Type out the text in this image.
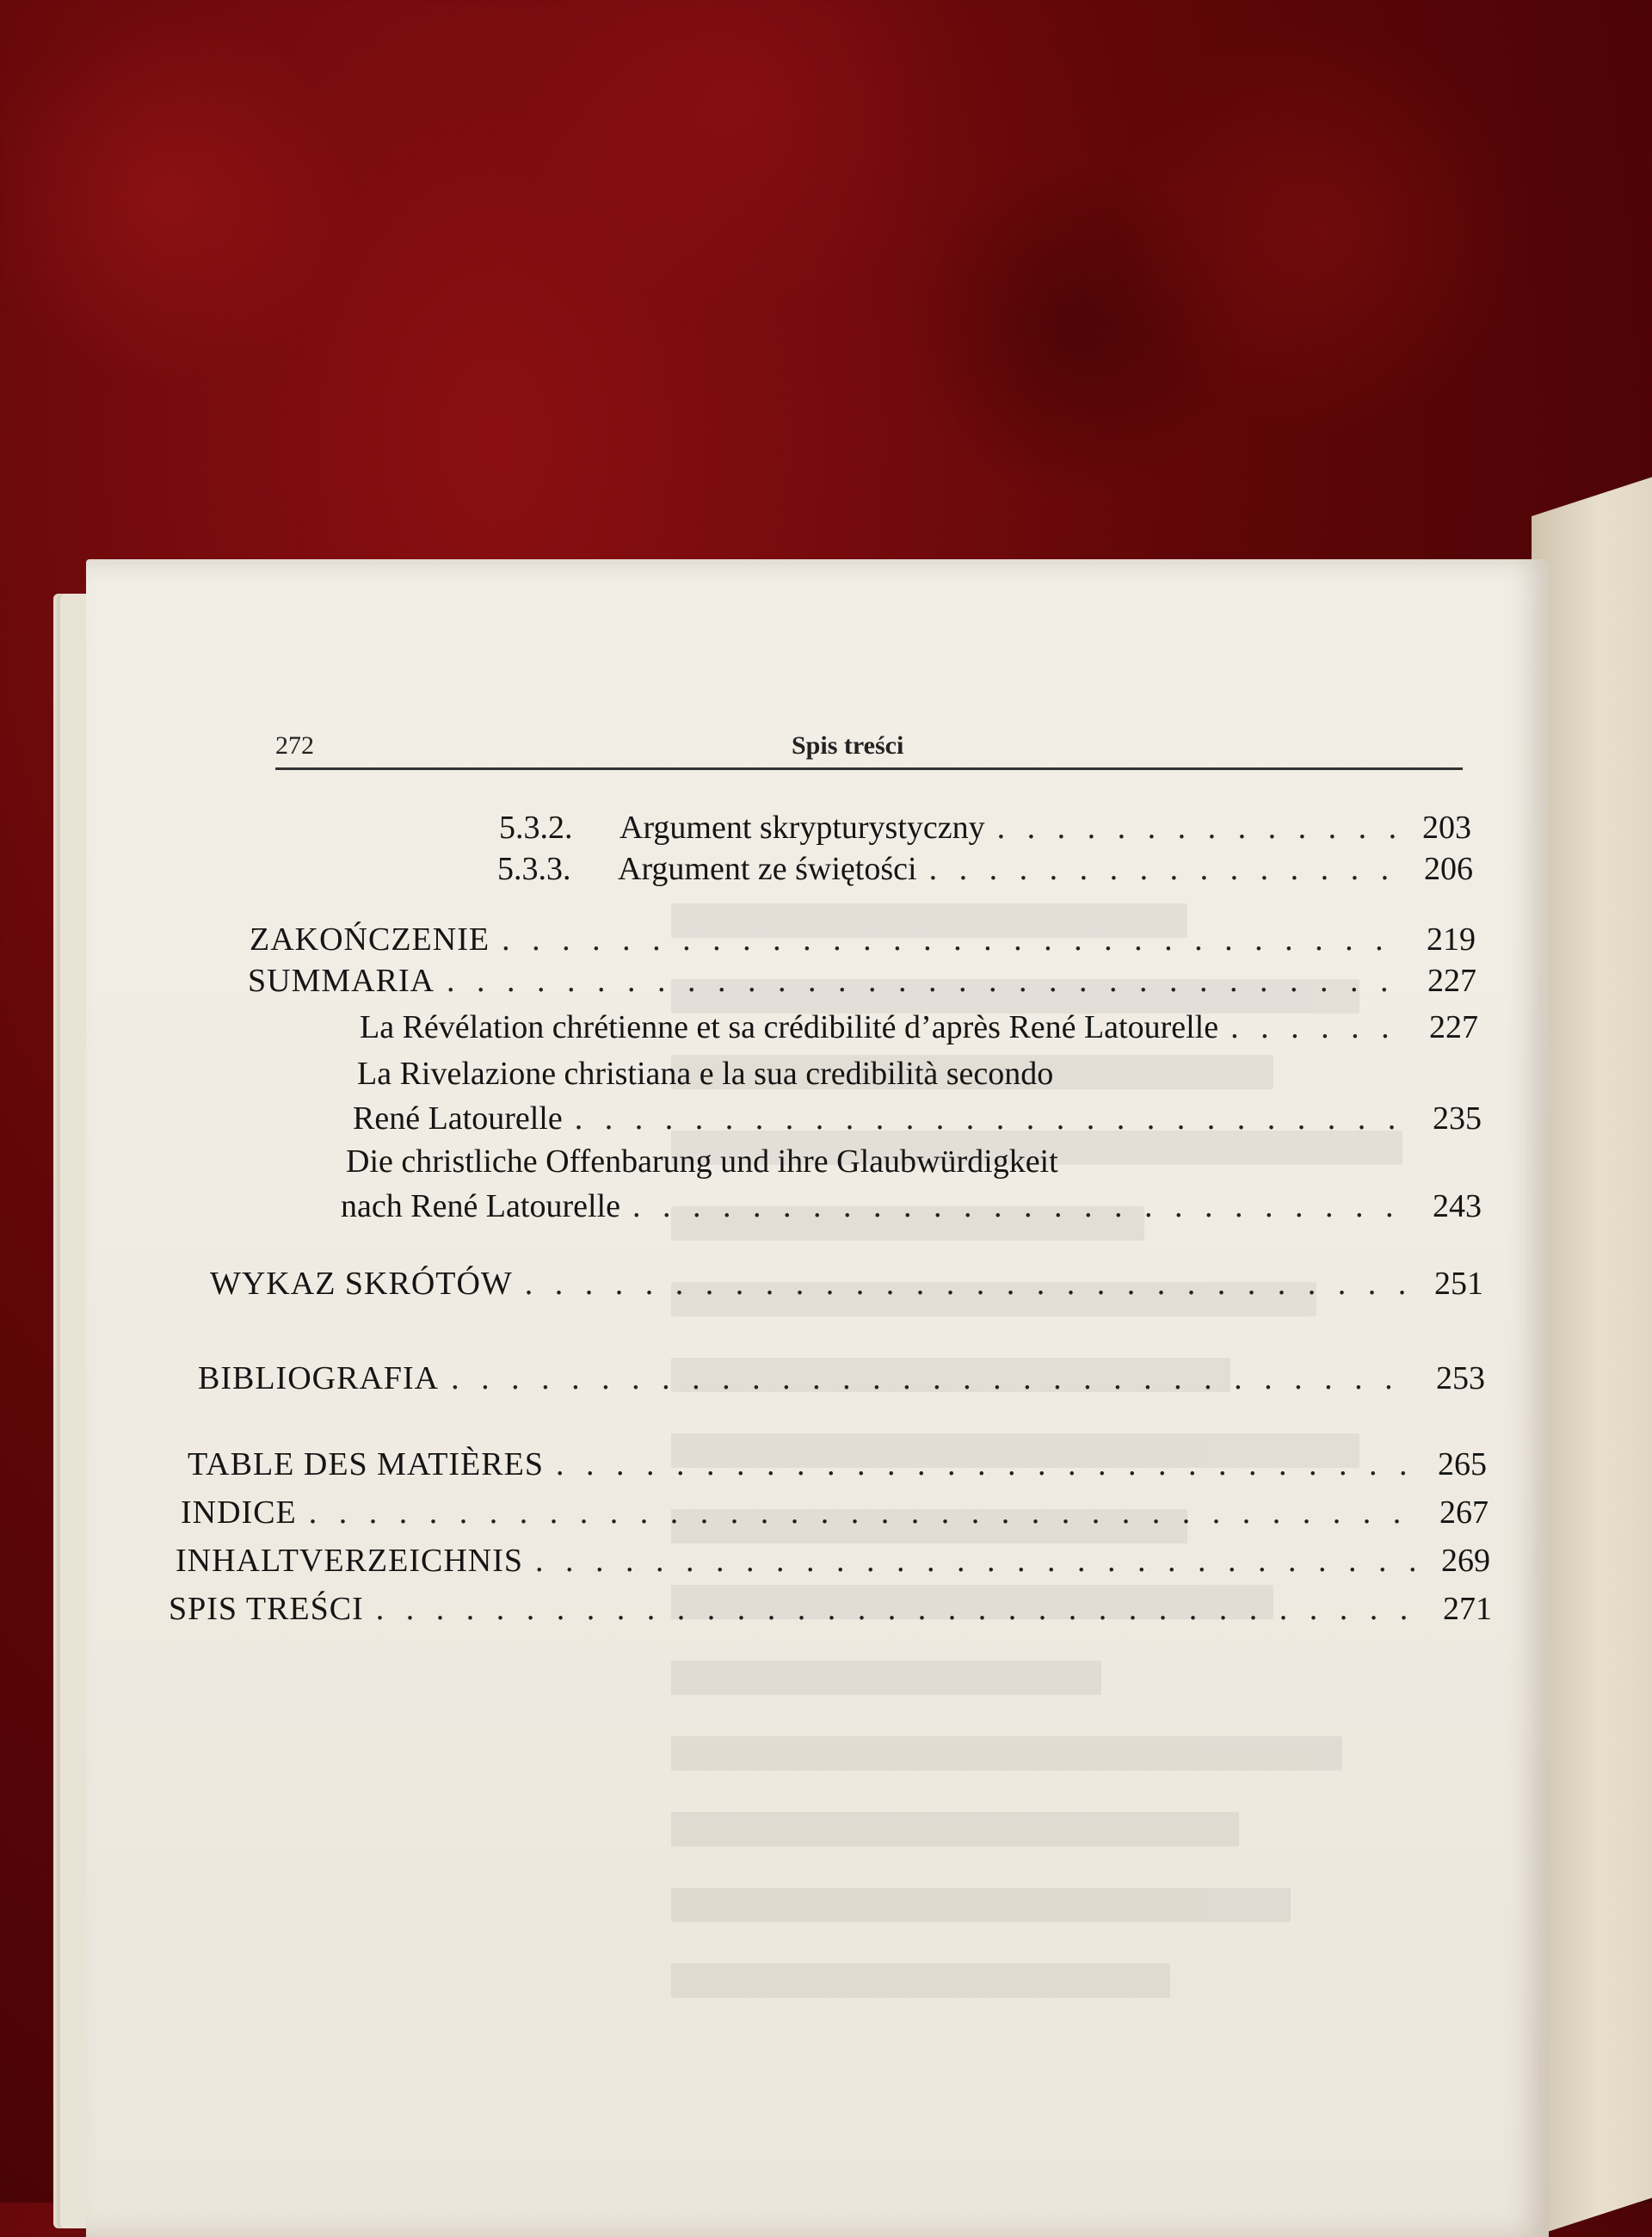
272	Spis treści
5.3.2.	Argument skrypturystyczny . . .	203
5.3.3.	Argument ze świętości . . .	206
ZAKOŃCZENIE . . .	219
SUMMARIA . . .	227
La Révélation chrétienne et sa crédibilité d’après René Latourelle . . .	227
La Rivelazione christiana e la sua credibilità secondo
René Latourelle . . .	235
Die christliche Offenbarung und ihre Glaubwürdigkeit
nach René Latourelle . . .	243
WYKAZ SKRÓTÓW . . .	251
BIBLIOGRAFIA . . .	253
TABLE DES MATIÈRES . . .	265
INDICE . . .	267
INHALTVERZEICHNIS . . .	269
SPIS TREŚCI . . .	271
